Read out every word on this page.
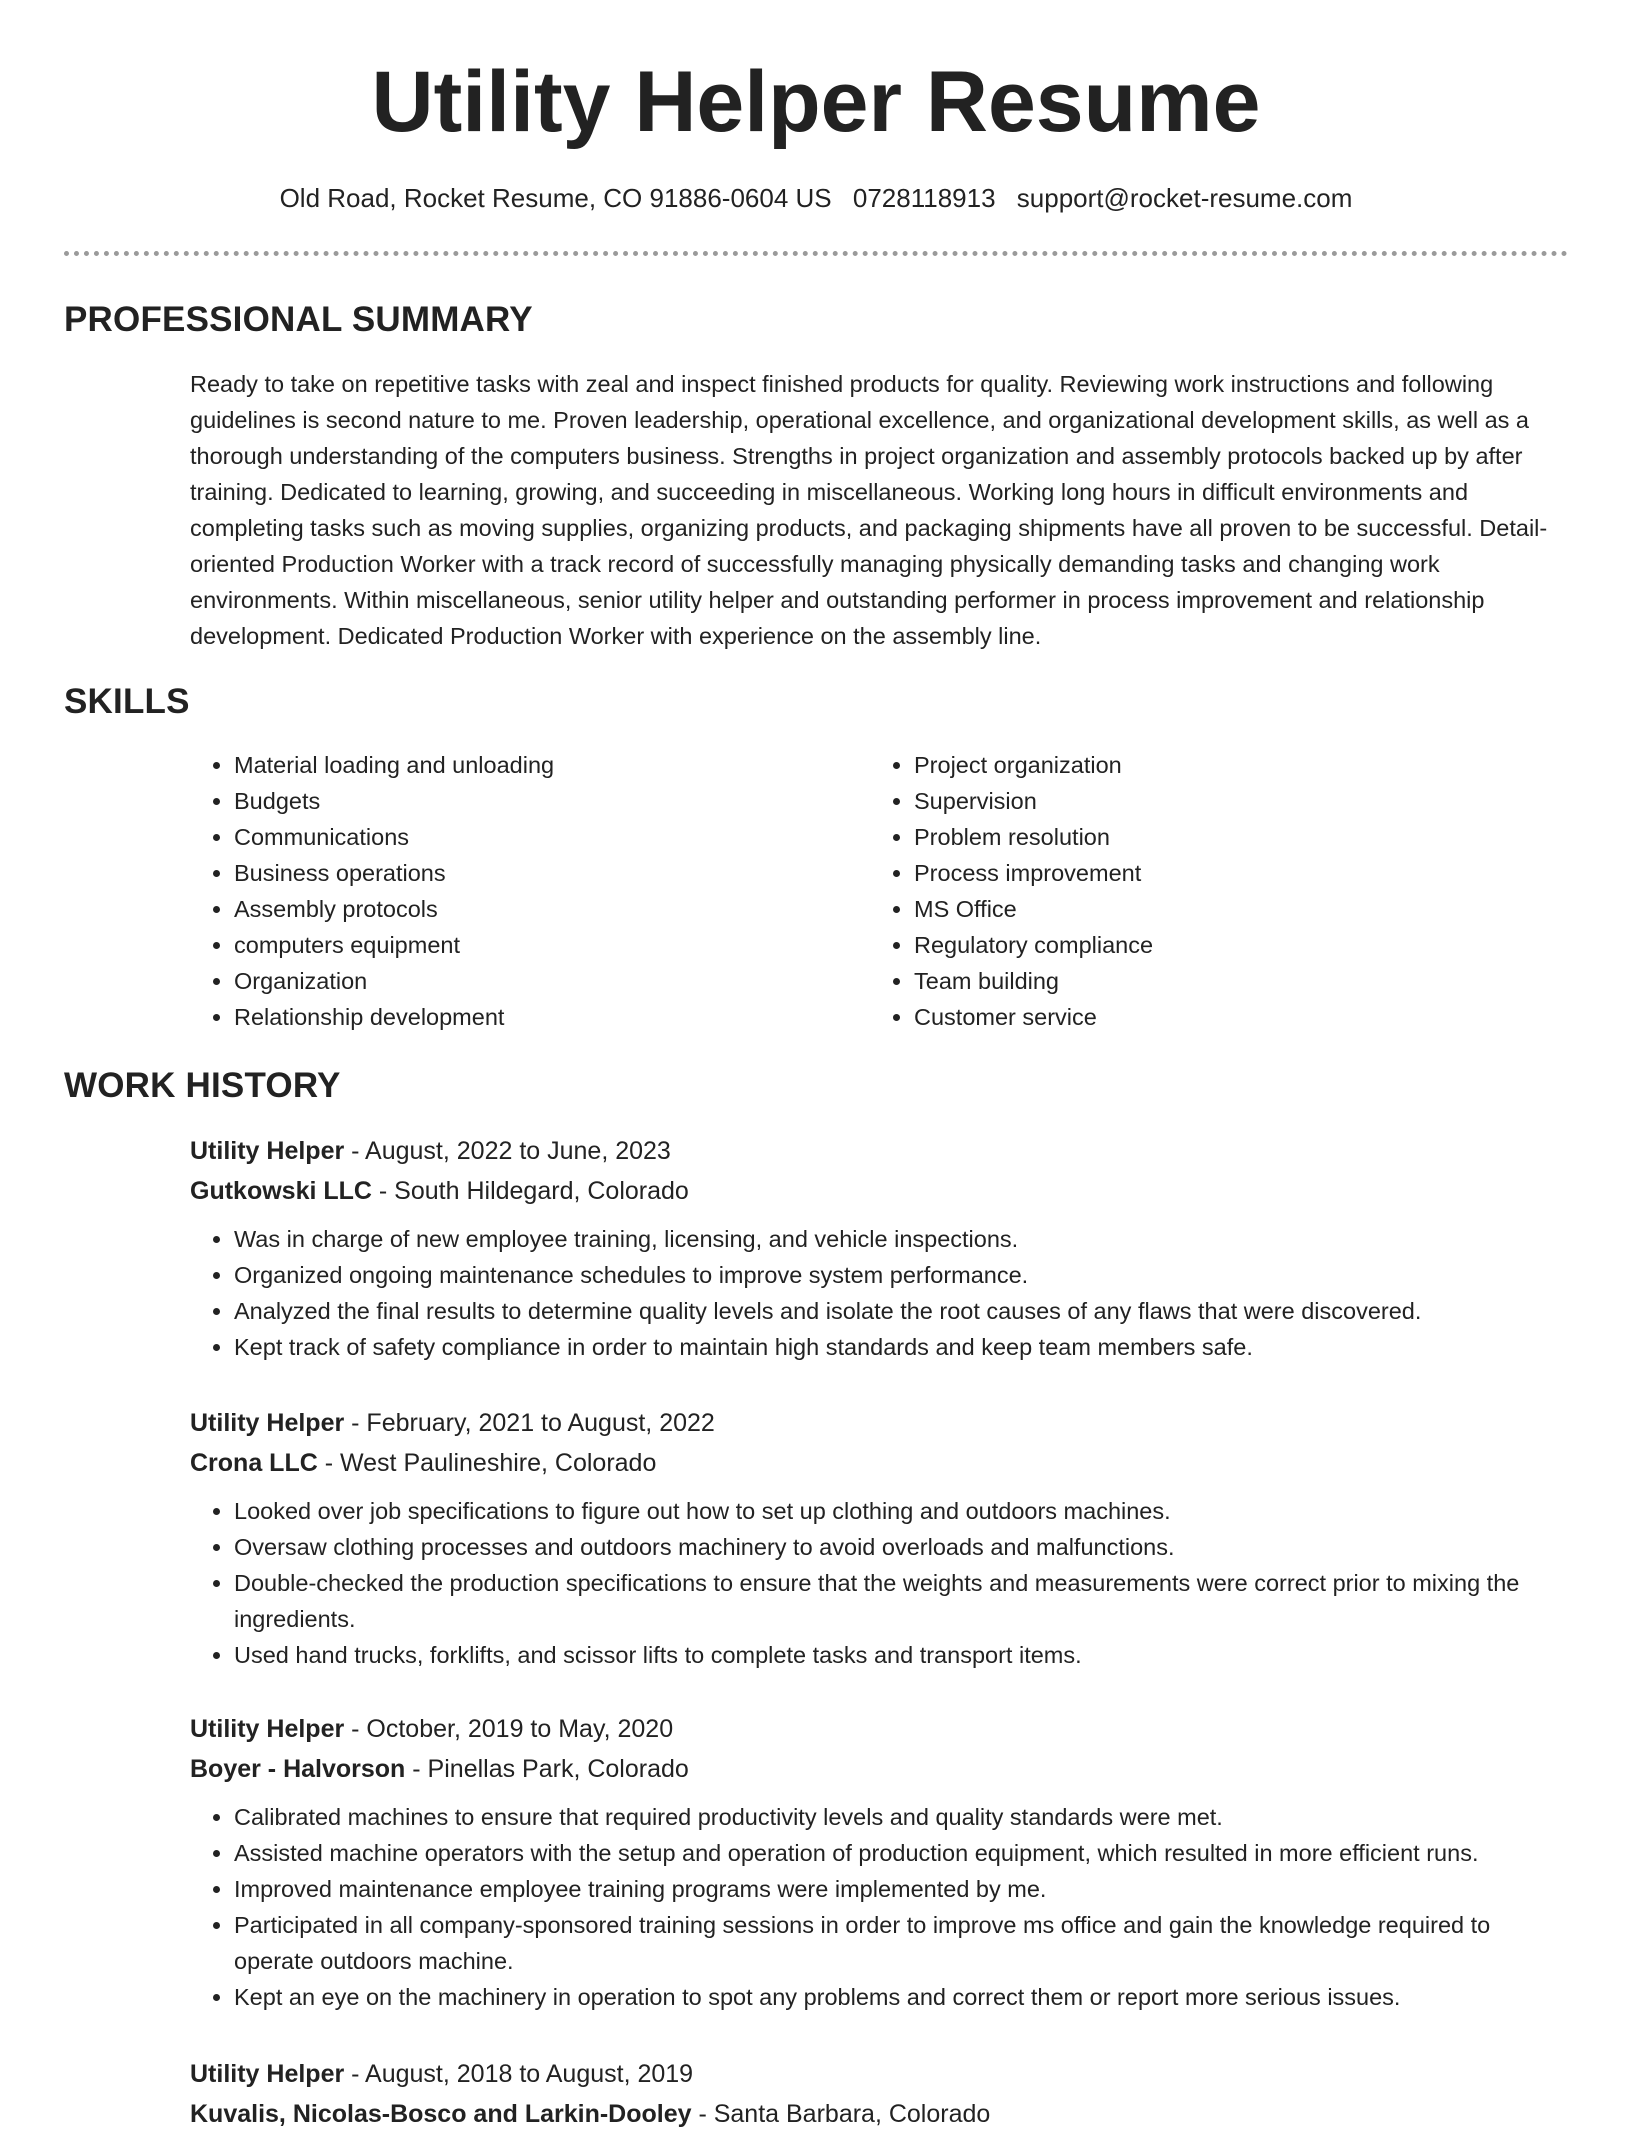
Utility Helper Resume
Old Road, Rocket Resume, CO 91886-0604 US 0728118913 support@rocket-resume.com
PROFESSIONAL SUMMARY

Ready to take on repetitive tasks with zeal and inspect finished products for quality. Reviewing work instructions and following guidelines is second nature to me. Proven leadership, operational excellence, and organizational development skills, as well as a thorough understanding of the computers business. Strengths in project organization and assembly protocols backed up by after training. Dedicated to learning, growing, and succeeding in miscellaneous. Working long hours in difficult environments and completing tasks such as moving supplies, organizing products, and packaging shipments have all proven to be successful. Detail-oriented Production Worker with a track record of successfully managing physically demanding tasks and changing work environments. Within miscellaneous, senior utility helper and outstanding performer in process improvement and relationship development. Dedicated Production Worker with experience on the assembly line.

SKILLS
• Material loading and unloading
• Budgets
• Communications
• Business operations
• Assembly protocols
• computers equipment
• Organization
• Relationship development
• Project organization
• Supervision
• Problem resolution
• Process improvement
• MS Office
• Regulatory compliance
• Team building
• Customer service
WORK HISTORY
Utility Helper - August, 2022 to June, 2023
Gutkowski LLC - South Hildegard, Colorado
• Was in charge of new employee training, licensing, and vehicle inspections.
• Organized ongoing maintenance schedules to improve system performance.
• Analyzed the final results to determine quality levels and isolate the root causes of any flaws that were discovered.
• Kept track of safety compliance in order to maintain high standards and keep team members safe.
Utility Helper - February, 2021 to August, 2022
Crona LLC - West Paulineshire, Colorado
• Looked over job specifications to figure out how to set up clothing and outdoors machines.
• Oversaw clothing processes and outdoors machinery to avoid overloads and malfunctions.
• Double-checked the production specifications to ensure that the weights and measurements were correct prior to mixing the ingredients.
• Used hand trucks, forklifts, and scissor lifts to complete tasks and transport items.
Utility Helper - October, 2019 to May, 2020
Boyer - Halvorson - Pinellas Park, Colorado
• Calibrated machines to ensure that required productivity levels and quality standards were met.
• Assisted machine operators with the setup and operation of production equipment, which resulted in more efficient runs.
• Improved maintenance employee training programs were implemented by me.
• Participated in all company-sponsored training sessions in order to improve ms office and gain the knowledge required to operate outdoors machine.
• Kept an eye on the machinery in operation to spot any problems and correct them or report more serious issues.
Utility Helper - August, 2018 to August, 2019
Kuvalis, Nicolas-Bosco and Larkin-Dooley - Santa Barbara, Colorado
